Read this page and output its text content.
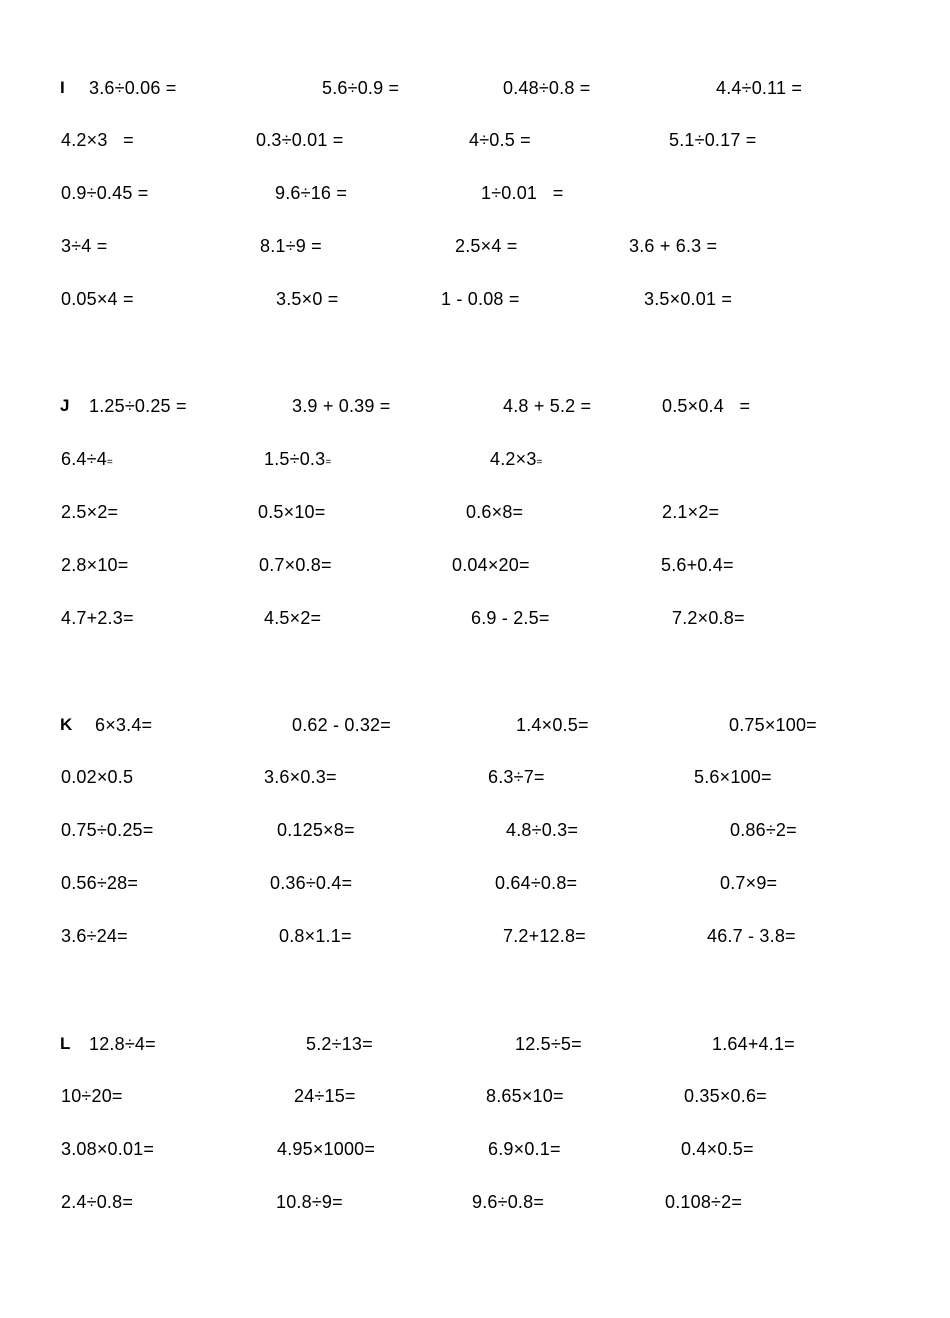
I 3.6÷0.06 =	5.6÷0.9 =	0.48÷0.8 =	4.4÷0.11 =
4.2×3   =	0.3÷0.01 =	4÷0.5 =	5.1÷0.17 =
0.9÷0.45 =	9.6÷16 =	1÷0.01   =
3÷4 =	8.1÷9 =	2.5×4 =	3.6 + 6.3 =
0.05×4 =	3.5×0 =	1 - 0.08 =	3.5×0.01 =
J 1.25÷0.25 =	3.9 + 0.39 =	4.8 + 5.2 =	0.5×0.4   =
6.4÷4=	1.5÷0.3=	4.2×3=
2.5×2=	0.5×10=	0.6×8=	2.1×2=
2.8×10=	0.7×0.8=	0.04×20=	5.6+0.4=
4.7+2.3=	4.5×2=	6.9 - 2.5=	7.2×0.8=
K 6×3.4=	0.62 - 0.32=	1.4×0.5=	0.75×100=
0.02×0.5	3.6×0.3=	6.3÷7=	5.6×100=
0.75÷0.25=	0.125×8=	4.8÷0.3=	0.86÷2=
0.56÷28=	0.36÷0.4=	0.64÷0.8=	0.7×9=
3.6÷24=	0.8×1.1=	7.2+12.8=	46.7 - 3.8=
L 12.8÷4=	5.2÷13=	12.5÷5=	1.64+4.1=
10÷20=	24÷15=	8.65×10=	0.35×0.6=
3.08×0.01=	4.95×1000=	6.9×0.1=	0.4×0.5=
2.4÷0.8=	10.8÷9=	9.6÷0.8=	0.108÷2=
